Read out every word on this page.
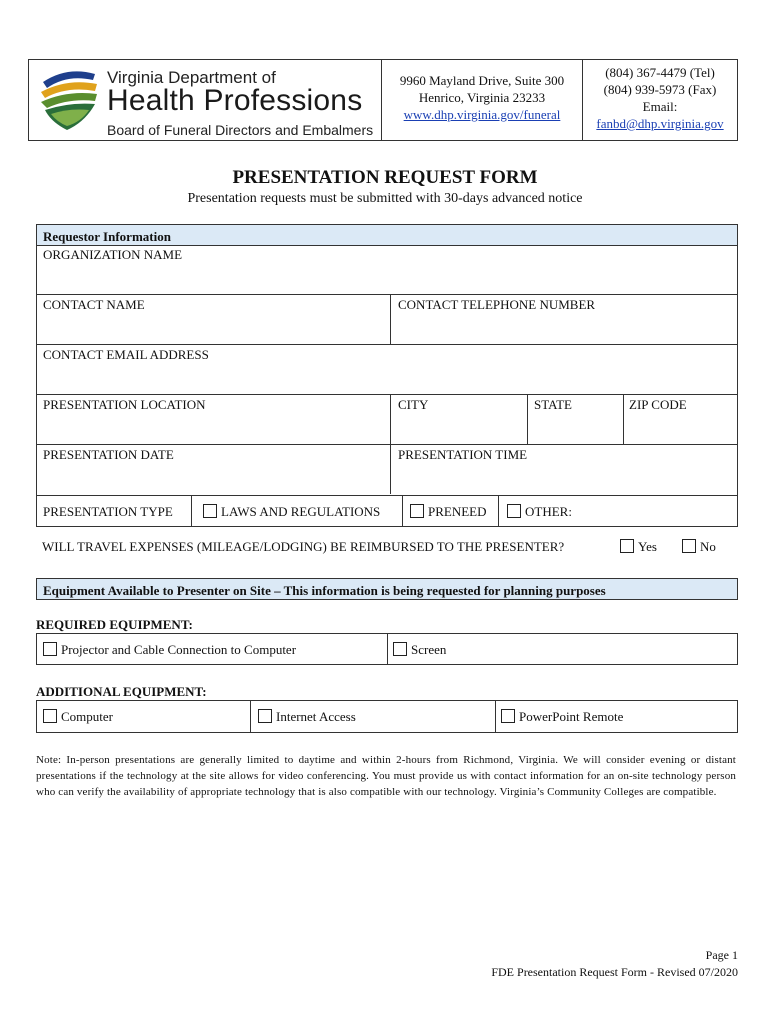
Virginia Department of
Health Professions
Board of Funeral Directors and Embalmers
9960 Mayland Drive, Suite 300
Henrico, Virginia 23233
www.dhp.virginia.gov/funeral
(804) 367-4479 (Tel)
(804) 939-5973 (Fax)
Email:
fanbd@dhp.virginia.gov
PRESENTATION REQUEST FORM
Presentation requests must be submitted with 30-days advanced notice
Requestor Information
ORGANIZATION NAME
CONTACT NAME	CONTACT TELEPHONE NUMBER
CONTACT EMAIL ADDRESS
PRESENTATION LOCATION	CITY	STATE	ZIP CODE
PRESENTATION DATE	PRESENTATION TIME
PRESENTATION TYPE	LAWS AND REGULATIONS	PRENEED	OTHER:
WILL TRAVEL EXPENSES (MILEAGE/LODGING) BE REIMBURSED TO THE PRESENTER?	Yes	No
Equipment Available to Presenter on Site – This information is being requested for planning purposes
REQUIRED EQUIPMENT:
Projector and Cable Connection to Computer	Screen
ADDITIONAL EQUIPMENT:
Computer	Internet Access	PowerPoint Remote
Note: In-person presentations are generally limited to daytime and within 2-hours from Richmond, Virginia. We will consider evening or distant presentations if the technology at the site allows for video conferencing. You must provide us with contact information for an on-site technology person who can verify the availability of appropriate technology that is also compatible with our technology. Virginia’s Community Colleges are compatible.
Page 1
FDE Presentation Request Form - Revised 07/2020
